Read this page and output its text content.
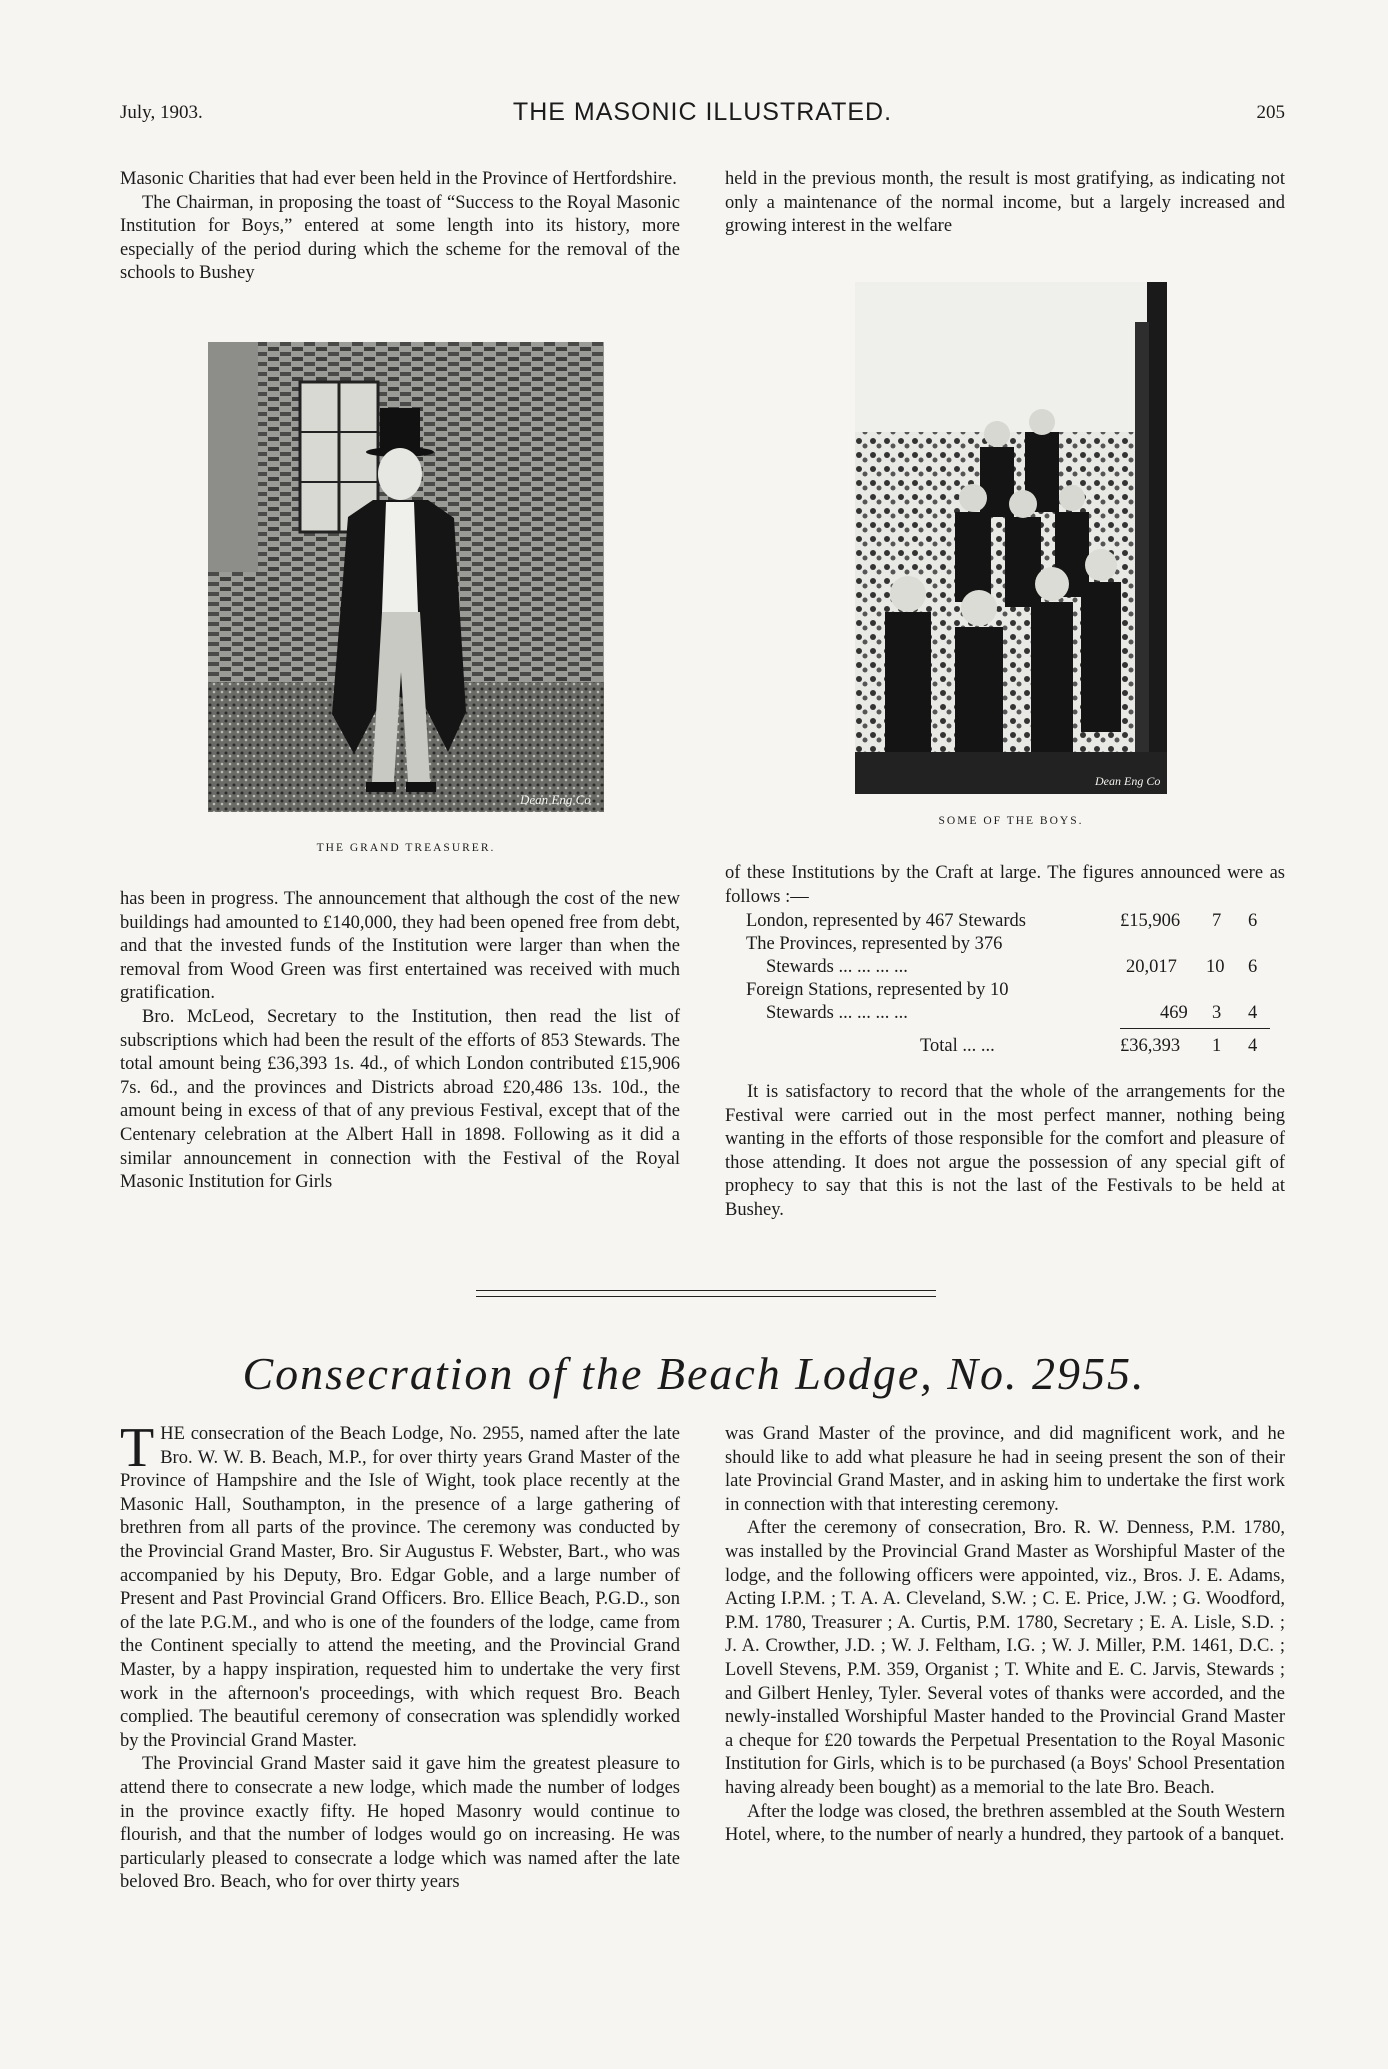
July, 1903.	THE MASONIC ILLUSTRATED.	205

Masonic Charities that had ever been held in the Province of Hertfordshire.

The Chairman, in proposing the toast of “Success to the Royal Masonic Institution for Boys,” entered at some length into its history, more especially of the period during which the scheme for the removal of the schools to Bushey

Dean Eng Co
THE GRAND TREASURER.

has been in progress. The announcement that although the cost of the new buildings had amounted to £140,000, they had been opened free from debt, and that the invested funds of the Institution were larger than when the removal from Wood Green was first entertained was received with much gratification.

Bro. McLeod, Secretary to the Institution, then read the list of subscriptions which had been the result of the efforts of 853 Stewards. The total amount being £36,393 1s. 4d., of which London contributed £15,906 7s. 6d., and the provinces and Districts abroad £20,486 13s. 10d., the amount being in excess of that of any previous Festival, except that of the Centenary celebration at the Albert Hall in 1898. Following as it did a similar announcement in connection with the Festival of the Royal Masonic Institution for Girls

held in the previous month, the result is most gratifying, as indicating not only a maintenance of the normal income, but a largely increased and growing interest in the welfare

Dean Eng Co
SOME OF THE BOYS.

of these Institutions by the Craft at large. The figures announced were as follows :—

London, represented by 467 Stewards	£15,906 7 6
The Provinces, represented by 376
Stewards ... ... ... ...	20,017 10 6
Foreign Stations, represented by 10
Stewards ... ... ... ...	469 3 4
Total ... ...	£36,393 1 4

It is satisfactory to record that the whole of the arrangements for the Festival were carried out in the most perfect manner, nothing being wanting in the efforts of those responsible for the comfort and pleasure of those attending. It does not argue the possession of any special gift of prophecy to say that this is not the last of the Festivals to be held at Bushey.

Consecration of the Beach Lodge, No. 2955.

THE consecration of the Beach Lodge, No. 2955, named after the late Bro. W. W. B. Beach, M.P., for over thirty years Grand Master of the Province of Hampshire and the Isle of Wight, took place recently at the Masonic Hall, Southampton, in the presence of a large gathering of brethren from all parts of the province. The ceremony was conducted by the Provincial Grand Master, Bro. Sir Augustus F. Webster, Bart., who was accompanied by his Deputy, Bro. Edgar Goble, and a large number of Present and Past Provincial Grand Officers. Bro. Ellice Beach, P.G.D., son of the late P.G.M., and who is one of the founders of the lodge, came from the Continent specially to attend the meeting, and the Provincial Grand Master, by a happy inspiration, requested him to undertake the very first work in the afternoon's proceedings, with which request Bro. Beach complied. The beautiful ceremony of consecration was splendidly worked by the Provincial Grand Master.

The Provincial Grand Master said it gave him the greatest pleasure to attend there to consecrate a new lodge, which made the number of lodges in the province exactly fifty. He hoped Masonry would continue to flourish, and that the number of lodges would go on increasing. He was particularly pleased to consecrate a lodge which was named after the late beloved Bro. Beach, who for over thirty years

was Grand Master of the province, and did magnificent work, and he should like to add what pleasure he had in seeing present the son of their late Provincial Grand Master, and in asking him to undertake the first work in connection with that interesting ceremony.

After the ceremony of consecration, Bro. R. W. Denness, P.M. 1780, was installed by the Provincial Grand Master as Worshipful Master of the lodge, and the following officers were appointed, viz., Bros. J. E. Adams, Acting I.P.M. ; T. A. A. Cleveland, S.W. ; C. E. Price, J.W. ; G. Woodford, P.M. 1780, Treasurer ; A. Curtis, P.M. 1780, Secretary ; E. A. Lisle, S.D. ; J. A. Crowther, J.D. ; W. J. Feltham, I.G. ; W. J. Miller, P.M. 1461, D.C. ; Lovell Stevens, P.M. 359, Organist ; T. White and E. C. Jarvis, Stewards ; and Gilbert Henley, Tyler. Several votes of thanks were accorded, and the newly-installed Worshipful Master handed to the Provincial Grand Master a cheque for £20 towards the Perpetual Presentation to the Royal Masonic Institution for Girls, which is to be purchased (a Boys' School Presentation having already been bought) as a memorial to the late Bro. Beach.

After the lodge was closed, the brethren assembled at the South Western Hotel, where, to the number of nearly a hundred, they partook of a banquet.
